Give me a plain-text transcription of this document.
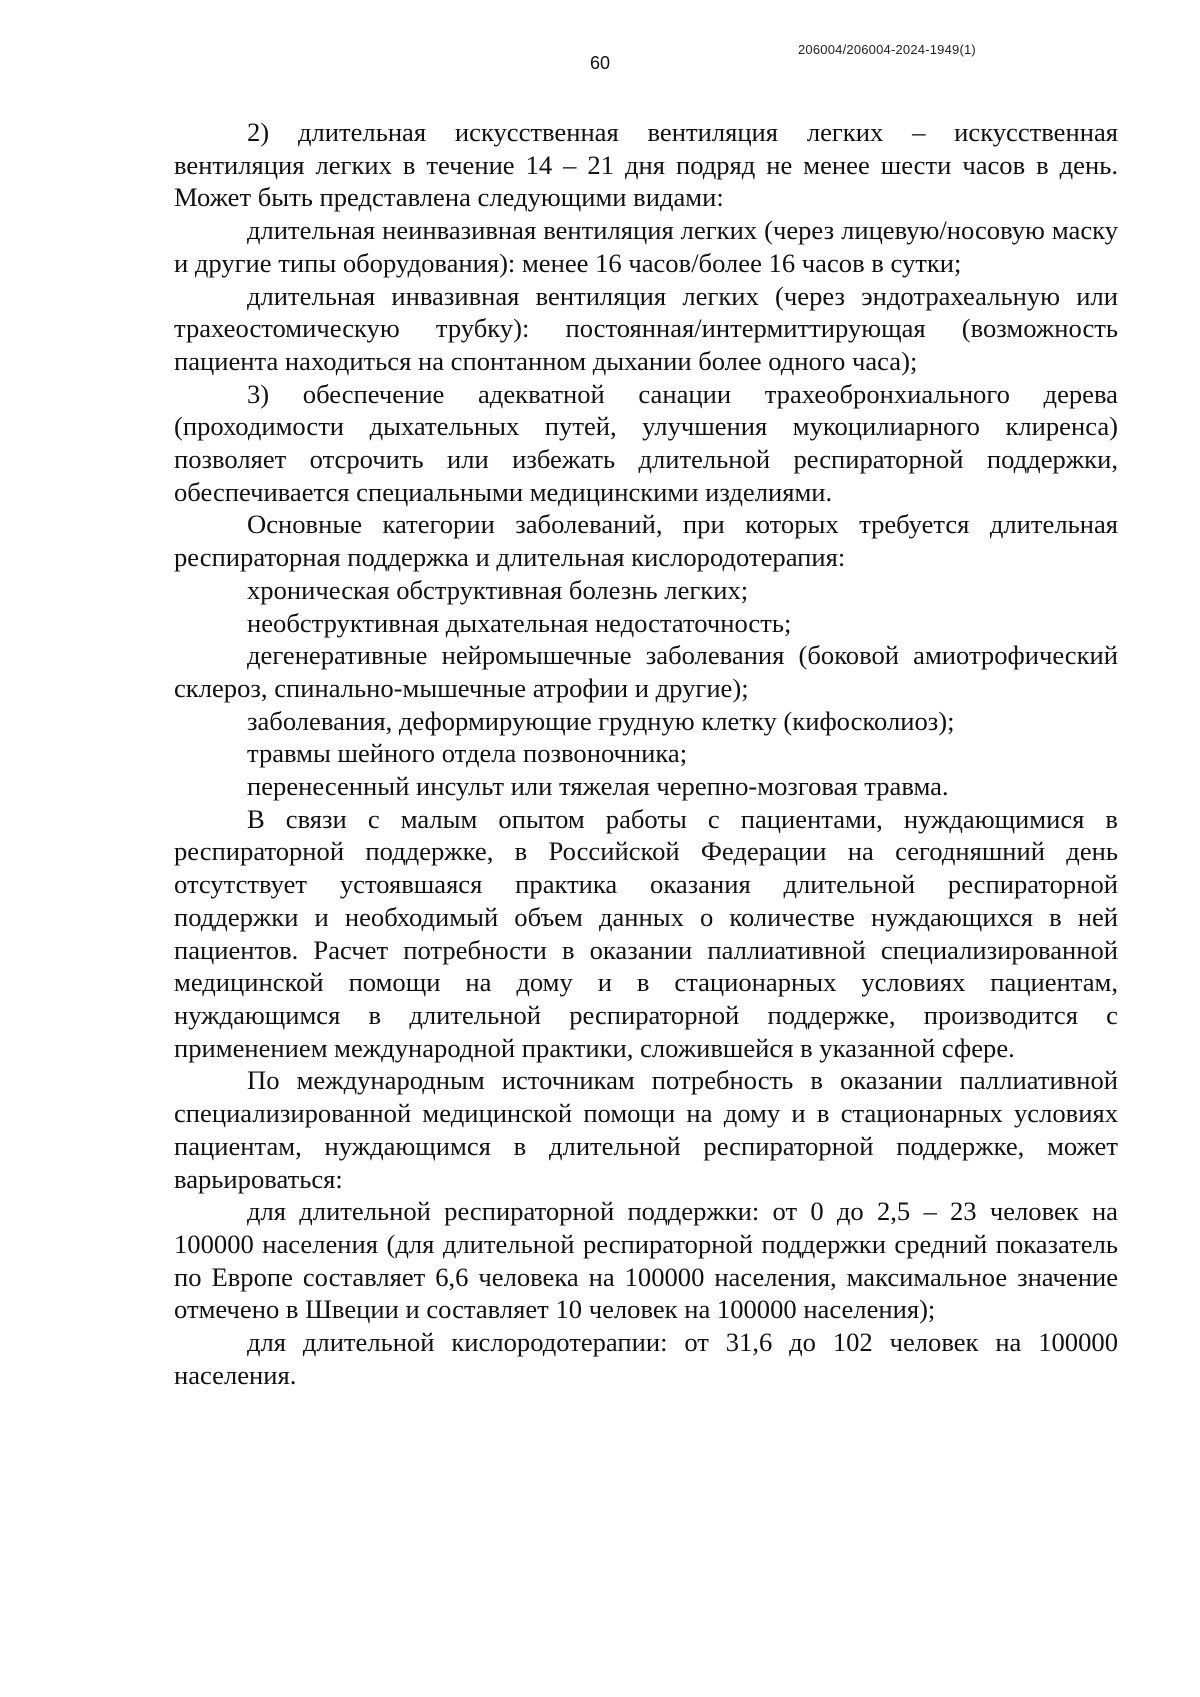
206004/206004-2024-1949(1)
60

2) длительная искусственная вентиляция легких – искусственная вентиляция легких в течение 14 – 21 дня подряд не менее шести часов в день. Может быть представлена следующими видами:

длительная неинвазивная вентиляция легких (через лицевую/носовую маску и другие типы оборудования): менее 16 часов/более 16 часов в сутки;

длительная инвазивная вентиляция легких (через эндотрахеальную или трахеостомическую трубку): постоянная/интермиттирующая (возможность пациента находиться на спонтанном дыхании более одного часа);

3) обеспечение адекватной санации трахеобронхиального дерева (проходимости дыхательных путей, улучшения мукоцилиарного клиренса) позволяет отсрочить или избежать длительной респираторной поддержки, обеспечивается специальными медицинскими изделиями.

Основные категории заболеваний, при которых требуется длительная респираторная поддержка и длительная кислородотерапия:

хроническая обструктивная болезнь легких;

необструктивная дыхательная недостаточность;

дегенеративные нейромышечные заболевания (боковой амиотрофический склероз, спинально-мышечные атрофии и другие);

заболевания, деформирующие грудную клетку (кифосколиоз);

травмы шейного отдела позвоночника;

перенесенный инсульт или тяжелая черепно-мозговая травма.

В связи с малым опытом работы с пациентами, нуждающимися в респираторной поддержке, в Российской Федерации на сегодняшний день отсутствует устоявшаяся практика оказания длительной респираторной поддержки и необходимый объем данных о количестве нуждающихся в ней пациентов. Расчет потребности в оказании паллиативной специализированной медицинской помощи на дому и в стационарных условиях пациентам, нуждающимся в длительной респираторной поддержке, производится с применением международной практики, сложившейся в указанной сфере.

По международным источникам потребность в оказании паллиативной специализированной медицинской помощи на дому и в стационарных условиях пациентам, нуждающимся в длительной респираторной поддержке, может варьироваться:

для длительной респираторной поддержки: от 0 до 2,5 – 23 человек на 100000 населения (для длительной респираторной поддержки средний показатель по Европе составляет 6,6 человека на 100000 населения, максимальное значение отмечено в Швеции и составляет 10 человек на 100000 населения);

для длительной кислородотерапии: от 31,6 до 102 человек на 100000 населения.
